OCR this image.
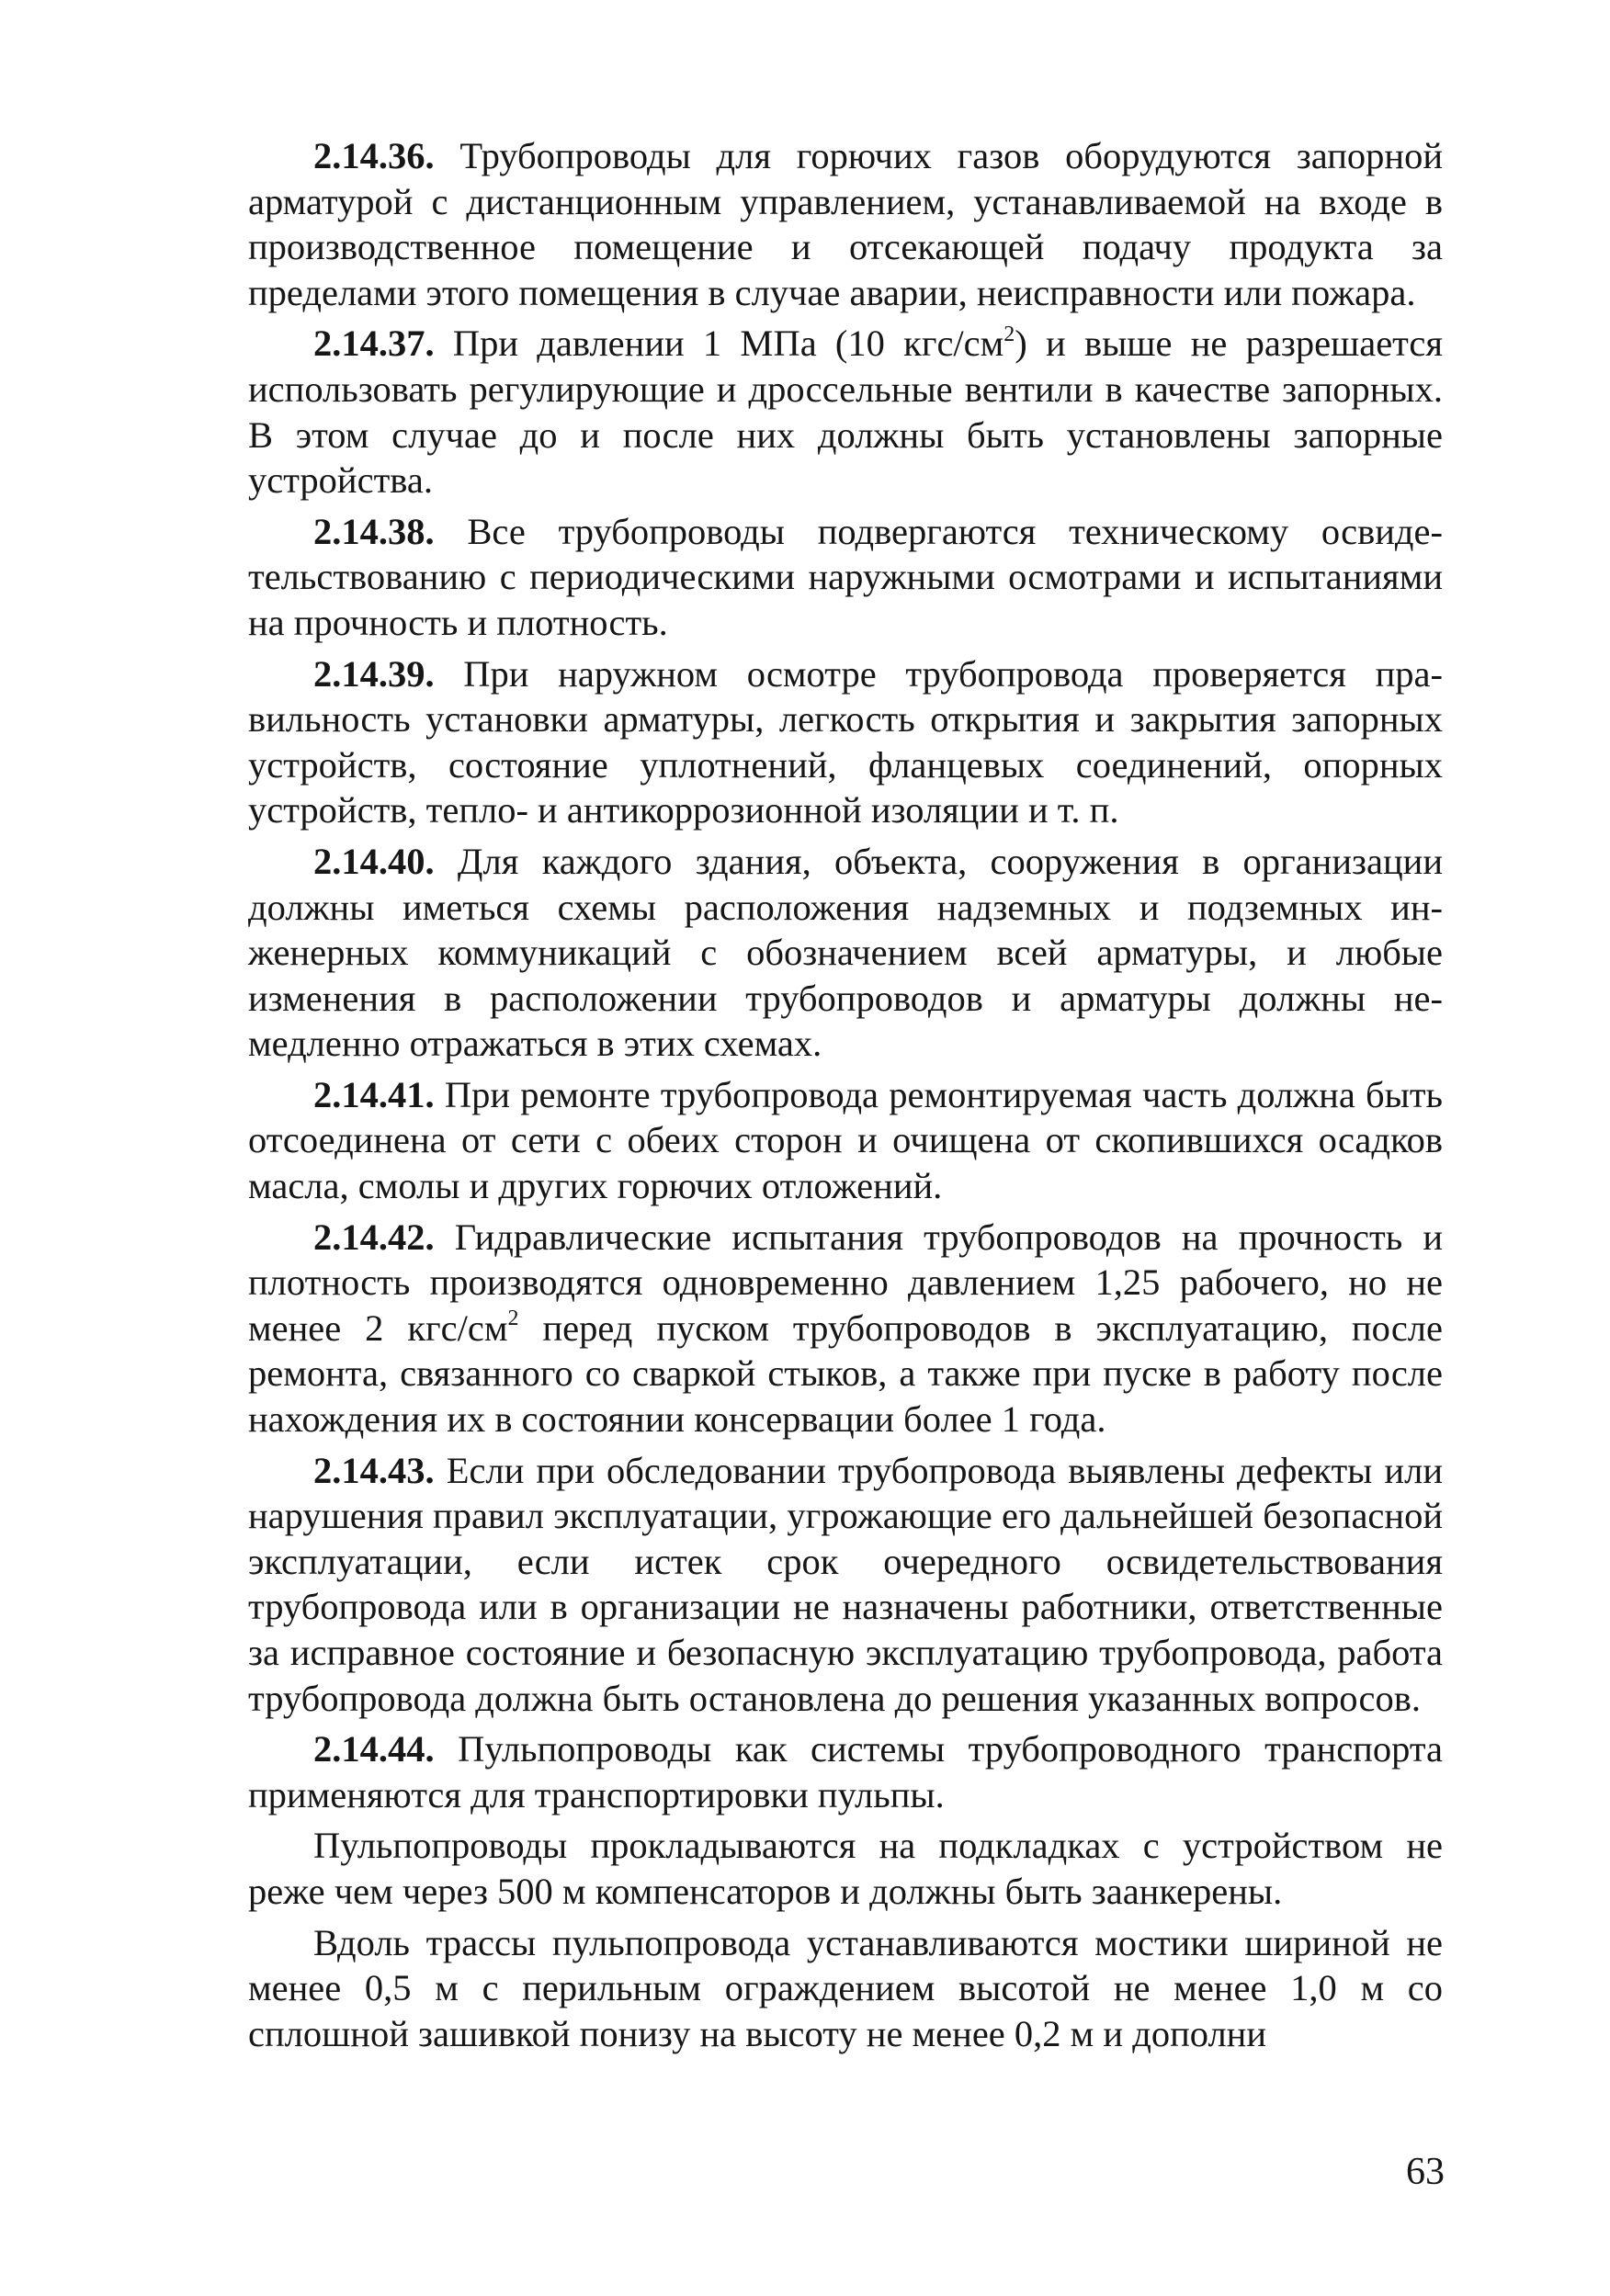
2.14.36. Трубопроводы для горючих газов оборудуются запорной арматурой с дистанционным управлением, устанавливаемой на входе в производственное помещение и отсекающей подачу продукта за пределами этого помещения в случае аварии, неисправности или пожара.

2.14.37. При давлении 1 МПа (10 кгс/$см^2$) и выше не разрешается использовать регулирующие и дроссельные вентили в качестве запорных. В этом случае до и после них должны быть установлены запорные устройства.

2.14.38. Все трубопроводы подвергаются техническому освидетельствованию с периодическими наружными осмотрами и испытаниями на прочность и плотность.

2.14.39. При наружном осмотре трубопровода проверяется правильность установки арматуры, легкость открытия и закрытия запорных устройств, состояние уплотнений, фланцевых соединений, опорных устройств, тепло- и антикоррозионной изоляции и т. п.

2.14.40. Для каждого здания, объекта, сооружения в организации должны иметься схемы расположения надземных и подземных инженерных коммуникаций с обозначением всей арматуры, и любые изменения в расположении трубопроводов и арматуры должны немедленно отражаться в этих схемах.

2.14.41. При ремонте трубопровода ремонтируемая часть должна быть отсоединена от сети с обеих сторон и очищена от скопившихся осадков масла, смолы и других горючих отложений.

2.14.42. Гидравлические испытания трубопроводов на прочность и плотность производятся одновременно давлением 1,25 рабочего, но не менее 2 кгс/$см^2$ перед пуском трубопроводов в эксплуатацию, после ремонта, связанного со сваркой стыков, а также при пуске в работу после нахождения их в состоянии консервации более 1 года.

2.14.43. Если при обследовании трубопровода выявлены дефекты или нарушения правил эксплуатации, угрожающие его дальнейшей безопасной эксплуатации, если истек срок очередного освидетельствования трубопровода или в организации не назначены работники, ответственные за исправное состояние и безопасную эксплуатацию трубопровода, работа трубопровода должна быть остановлена до решения указанных вопросов.

2.14.44. Пульпопроводы как системы трубопроводного транспорта применяются для транспортировки пульпы.

Пульпопроводы прокладываются на подкладках с устройством не реже чем через 500 м компенсаторов и должны быть заанкерены.

Вдоль трассы пульпопровода устанавливаются мостики шириной не менее 0,5 м с перильным ограждением высотой не менее 1,0 м со сплошной зашивкой понизу на высоту не менее 0,2 м и дополни

63
